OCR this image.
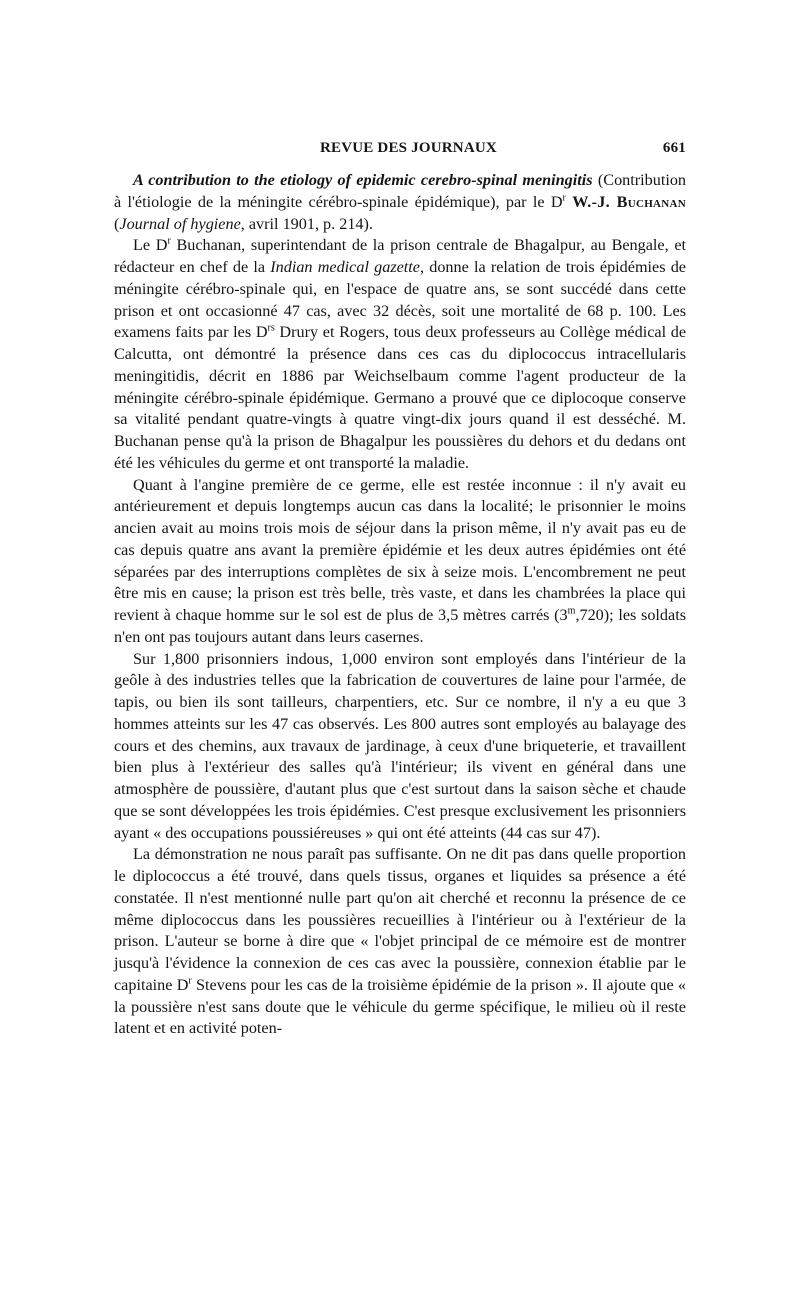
REVUE DES JOURNAUX	661

A contribution to the etiology of epidemic cerebro-spinal meningitis (Contribution à l'étiologie de la méningite cérébro-spinale épidémique), par le $D^r$ W.-J. Buchanan (Journal of hygiene, avril 1901, p. 214).

Le $D^r$ Buchanan, superintendant de la prison centrale de Bhagalpur, au Bengale, et rédacteur en chef de la Indian medical gazette, donne la relation de trois épidémies de méningite cérébro-spinale qui, en l'espace de quatre ans, se sont succédé dans cette prison et ont occasionné 47 cas, avec 32 décès, soit une mortalité de 68 p. 100. Les examens faits par les $D^{rs}$ Drury et Rogers, tous deux professeurs au Collège médical de Calcutta, ont démontré la présence dans ces cas du diplococcus intracellularis meningitidis, décrit en 1886 par Weichselbaum comme l'agent producteur de la méningite cérébro-spinale épidémique. Germano a prouvé que ce diplocoque conserve sa vitalité pendant quatre-vingts à quatre vingt-dix jours quand il est desséché. M. Buchanan pense qu'à la prison de Bhagalpur les poussières du dehors et du dedans ont été les véhicules du germe et ont transporté la maladie.

Quant à l'angine première de ce germe, elle est restée inconnue : il n'y avait eu antérieurement et depuis longtemps aucun cas dans la localité; le prisonnier le moins ancien avait au moins trois mois de séjour dans la prison même, il n'y avait pas eu de cas depuis quatre ans avant la première épidémie et les deux autres épidémies ont été séparées par des interruptions complètes de six à seize mois. L'encombrement ne peut être mis en cause; la prison est très belle, très vaste, et dans les chambrées la place qui revient à chaque homme sur le sol est de plus de 3,5 mètres carrés (3$^m$,720); les soldats n'en ont pas toujours autant dans leurs casernes.

Sur 1,800 prisonniers indous, 1,000 environ sont employés dans l'intérieur de la geôle à des industries telles que la fabrication de couvertures de laine pour l'armée, de tapis, ou bien ils sont tailleurs, charpentiers, etc. Sur ce nombre, il n'y a eu que 3 hommes atteints sur les 47 cas observés. Les 800 autres sont employés au balayage des cours et des chemins, aux travaux de jardinage, à ceux d'une briqueterie, et travaillent bien plus à l'extérieur des salles qu'à l'intérieur; ils vivent en général dans une atmosphère de poussière, d'autant plus que c'est surtout dans la saison sèche et chaude que se sont développées les trois épidémies. C'est presque exclusivement les prisonniers ayant « des occupations poussiéreuses » qui ont été atteints (44 cas sur 47).

La démonstration ne nous paraît pas suffisante. On ne dit pas dans quelle proportion le diplococcus a été trouvé, dans quels tissus, organes et liquides sa présence a été constatée. Il n'est mentionné nulle part qu'on ait cherché et reconnu la présence de ce même diplococcus dans les poussières recueillies à l'intérieur ou à l'extérieur de la prison. L'auteur se borne à dire que « l'objet principal de ce mémoire est de montrer jusqu'à l'évidence la connexion de ces cas avec la poussière, connexion établie par le capitaine $D^r$ Stevens pour les cas de la troisième épidémie de la prison ». Il ajoute que « la poussière n'est sans doute que le véhicule du germe spécifique, le milieu où il reste latent et en activité poten-
